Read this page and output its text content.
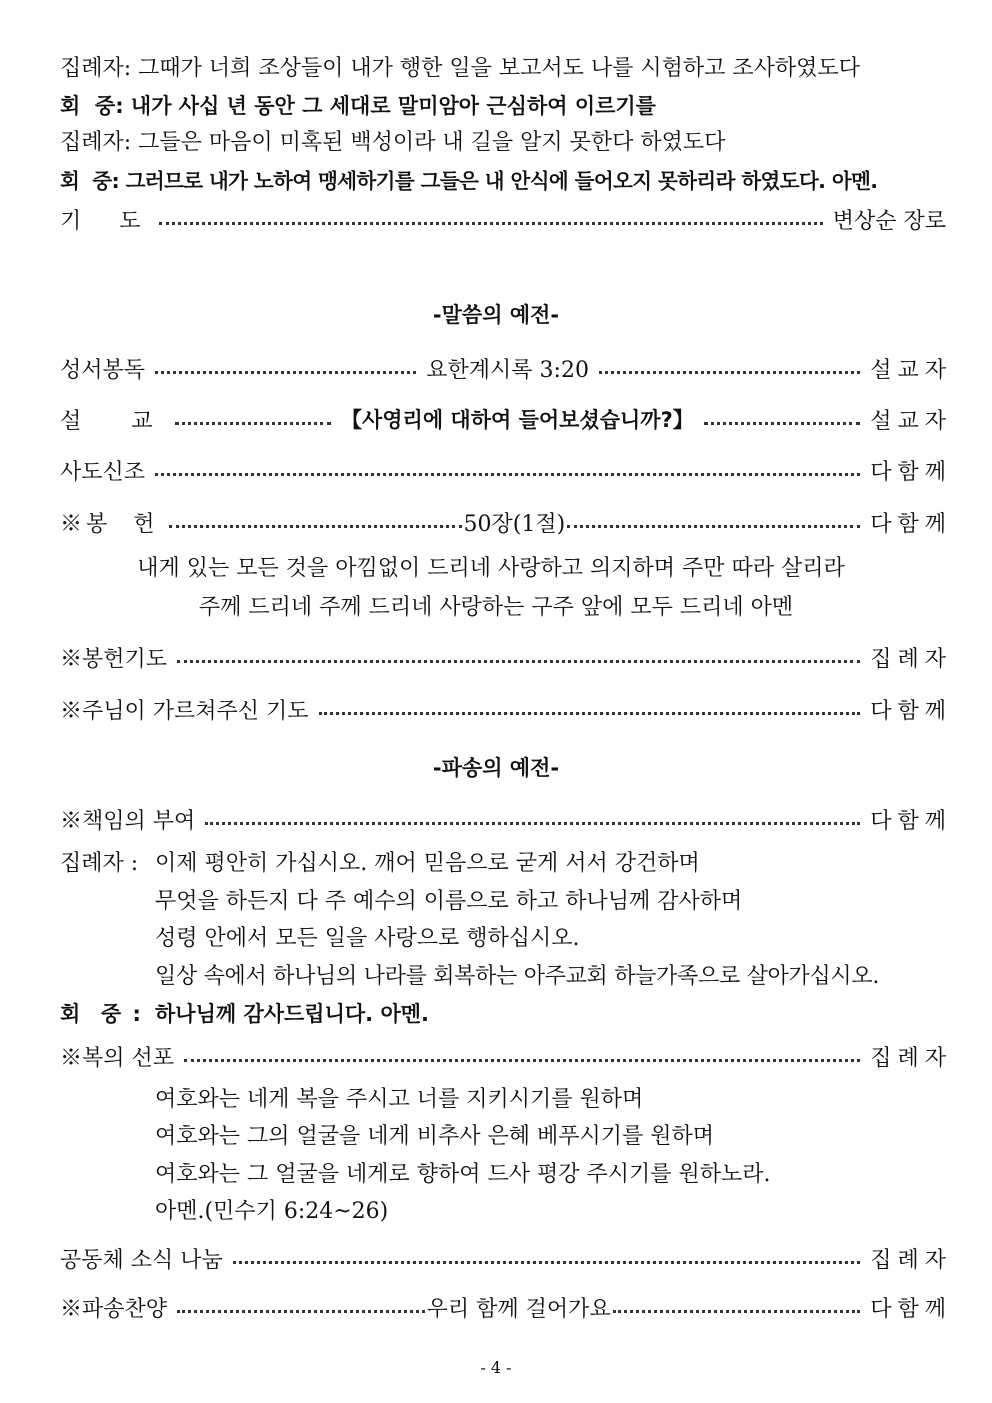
집례자: 그때가 너희 조상들이 내가 행한 일을 보고서도 나를 시험하고 조사하였도다
회  중: 내가 사십 년 동안 그 세대로 말미암아 근심하여 이르기를
집례자: 그들은 마음이 미혹된 백성이라 내 길을 알지 못한다 하였도다
회  중: 그러므로 내가 노하여 맹세하기를 그들은 내 안식에 들어오지 못하리라 하였도다. 아멘.
기  도	변상순 장로
-말씀의 예전-
성서봉독	요한계시록 3:20	설교자
설  교	【사영리에 대하여 들어보셨습니까?】	설교자
사도신조	다함께
※봉  헌	50장(1절)	다함께
내게 있는 모든 것을 아낌없이 드리네 사랑하고 의지하며 주만 따라 살리라
주께 드리네 주께 드리네 사랑하는 구주 앞에 모두 드리네 아멘
※봉헌기도	집례자
※주님이 가르쳐주신 기도	다함께
-파송의 예전-
※책임의 부여	다함께
집례자 : 이제 평안히 가십시오. 깨어 믿음으로 굳게 서서 강건하며
무엇을 하든지 다 주 예수의 이름으로 하고 하나님께 감사하며
성령 안에서 모든 일을 사랑으로 행하십시오.
일상 속에서 하나님의 나라를 회복하는 아주교회 하늘가족으로 살아가십시오.
회  중 : 하나님께 감사드립니다. 아멘.
※복의 선포	집례자
여호와는 네게 복을 주시고 너를 지키시기를 원하며
여호와는 그의 얼굴을 네게 비추사 은혜 베푸시기를 원하며
여호와는 그 얼굴을 네게로 향하여 드사 평강 주시기를 원하노라.
아멘.(민수기 6:24~26)
공동체 소식 나눔	집례자
※파송찬양	우리 함께 걸어가요	다함께
- 4 -
